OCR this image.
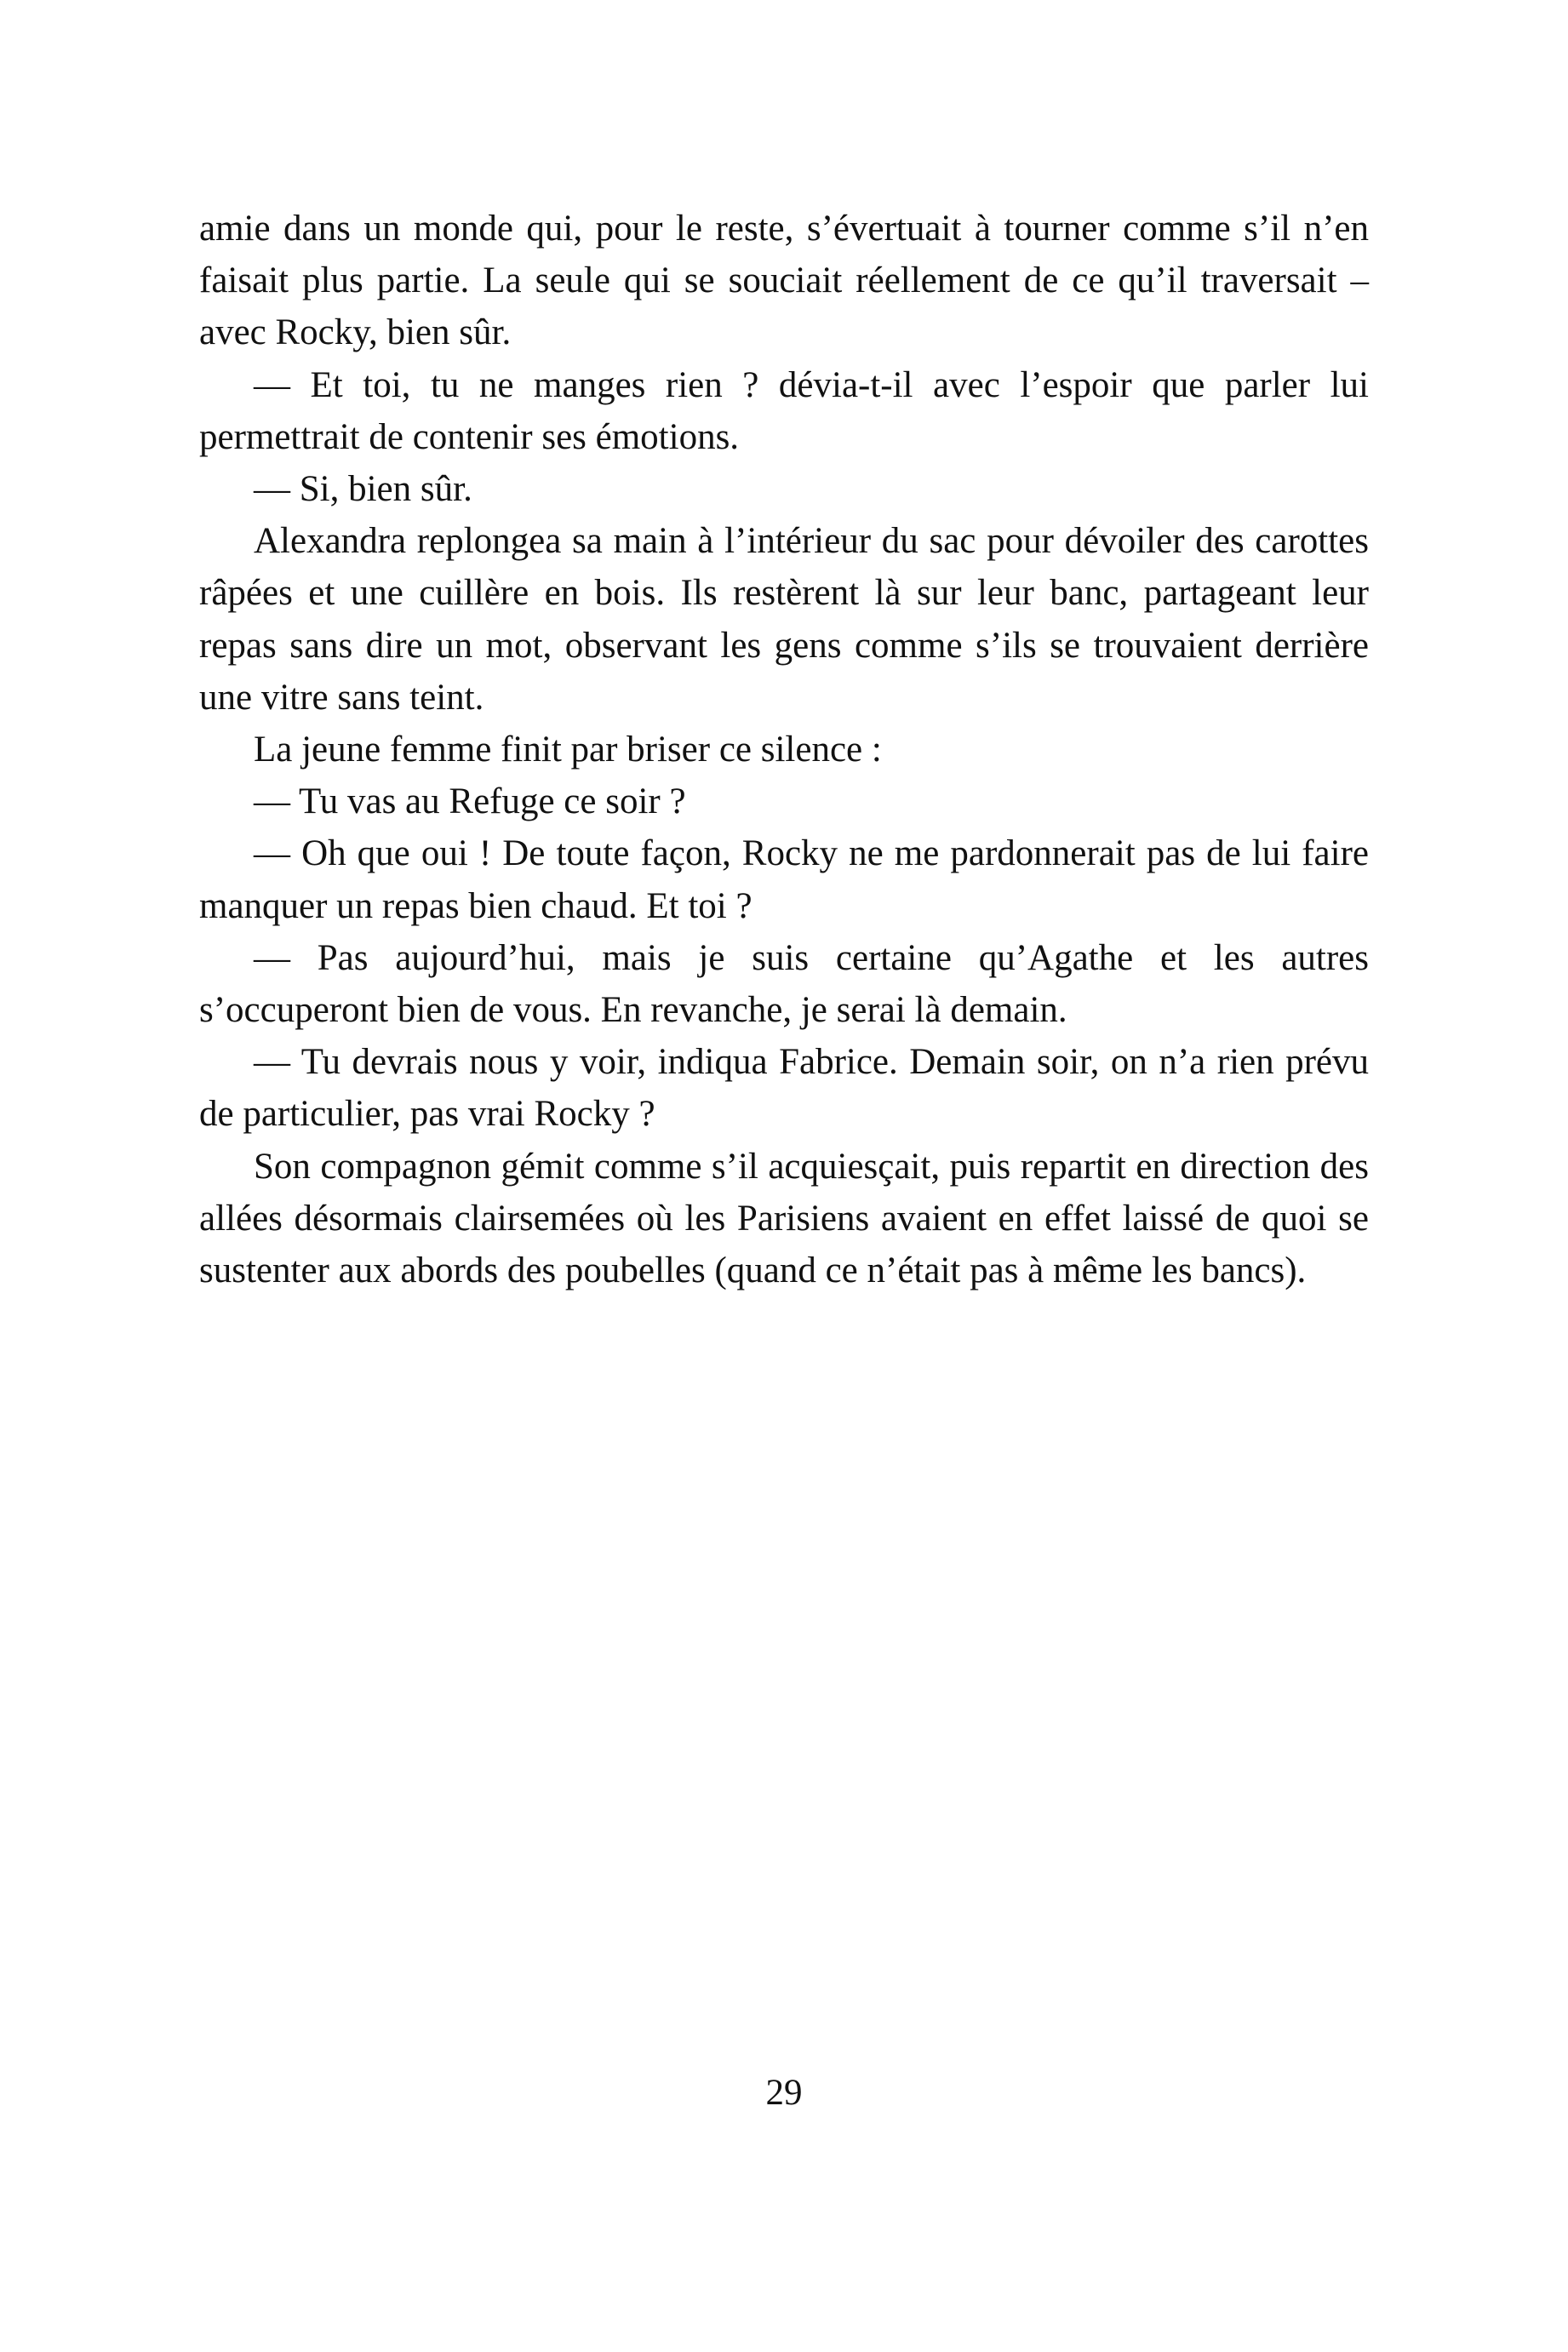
amie dans un monde qui, pour le reste, s’évertuait à tourner comme s’il n’en faisait plus partie. La seule qui se souciait réellement de ce qu’il traversait – avec Rocky, bien sûr.

— Et toi, tu ne manges rien ? dévia-t-il avec l’espoir que parler lui permettrait de contenir ses émotions.

— Si, bien sûr.

Alexandra replongea sa main à l’intérieur du sac pour dévoiler des carottes râpées et une cuillère en bois. Ils restèrent là sur leur banc, partageant leur repas sans dire un mot, observant les gens comme s’ils se trouvaient derrière une vitre sans teint.

La jeune femme finit par briser ce silence :

— Tu vas au Refuge ce soir ?

— Oh que oui ! De toute façon, Rocky ne me pardonnerait pas de lui faire manquer un repas bien chaud. Et toi ?

— Pas aujourd’hui, mais je suis certaine qu’Agathe et les autres s’occuperont bien de vous. En revanche, je serai là demain.

— Tu devrais nous y voir, indiqua Fabrice. Demain soir, on n’a rien prévu de particulier, pas vrai Rocky ?

Son compagnon gémit comme s’il acquiesçait, puis repartit en direction des allées désormais clairsemées où les Parisiens avaient en effet laissé de quoi se sustenter aux abords des poubelles (quand ce n’était pas à même les bancs).

29
